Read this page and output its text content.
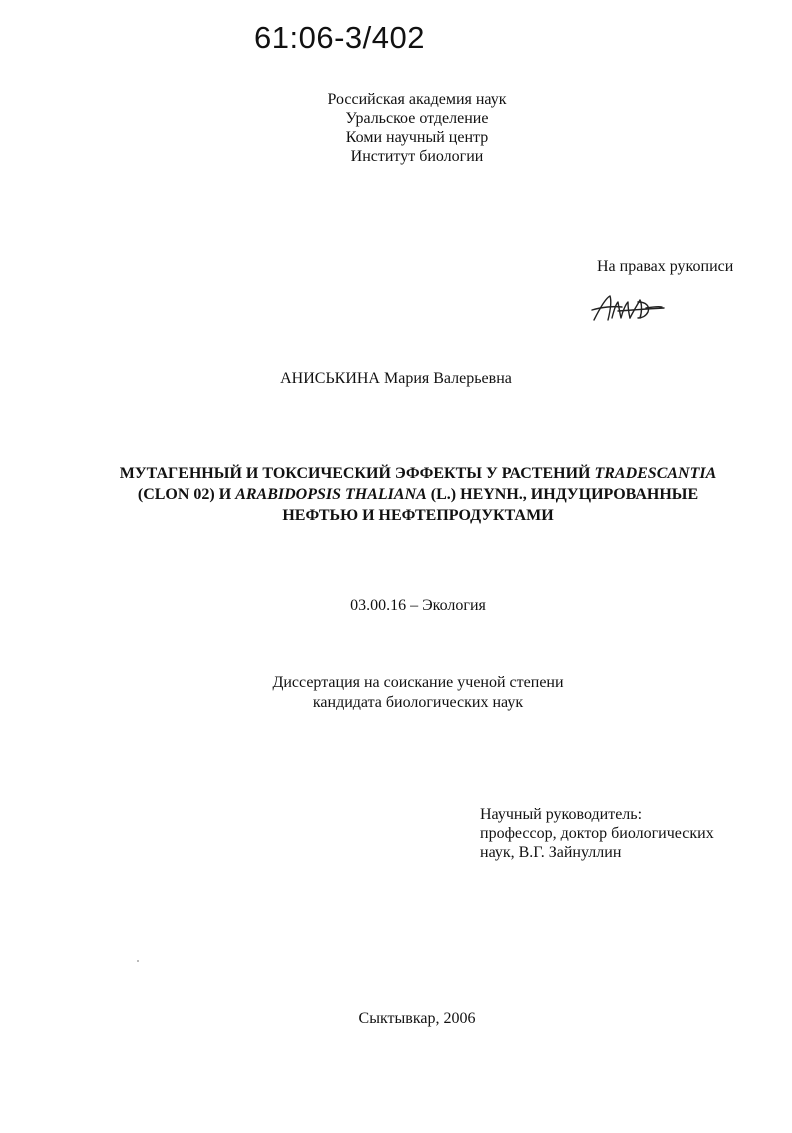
61:06-3/402
Российская академия наук
Уральское отделение
Коми научный центр
Институт биологии
На правах рукописи
АНИСЬКИНА Мария Валерьевна
МУТАГЕННЫЙ И ТОКСИЧЕСКИЙ ЭФФЕКТЫ У РАСТЕНИЙ TRADESCANTIA
(CLON 02) И ARABIDOPSIS THALIANA (L.) HEYNH., ИНДУЦИРОВАННЫЕ
НЕФТЬЮ И НЕФТЕПРОДУКТАМИ
03.00.16 – Экология
Диссертация на соискание ученой степени
кандидата биологических наук
Научный руководитель:
профессор, доктор биологических
наук, В.Г. Зайнуллин
Сыктывкар, 2006
